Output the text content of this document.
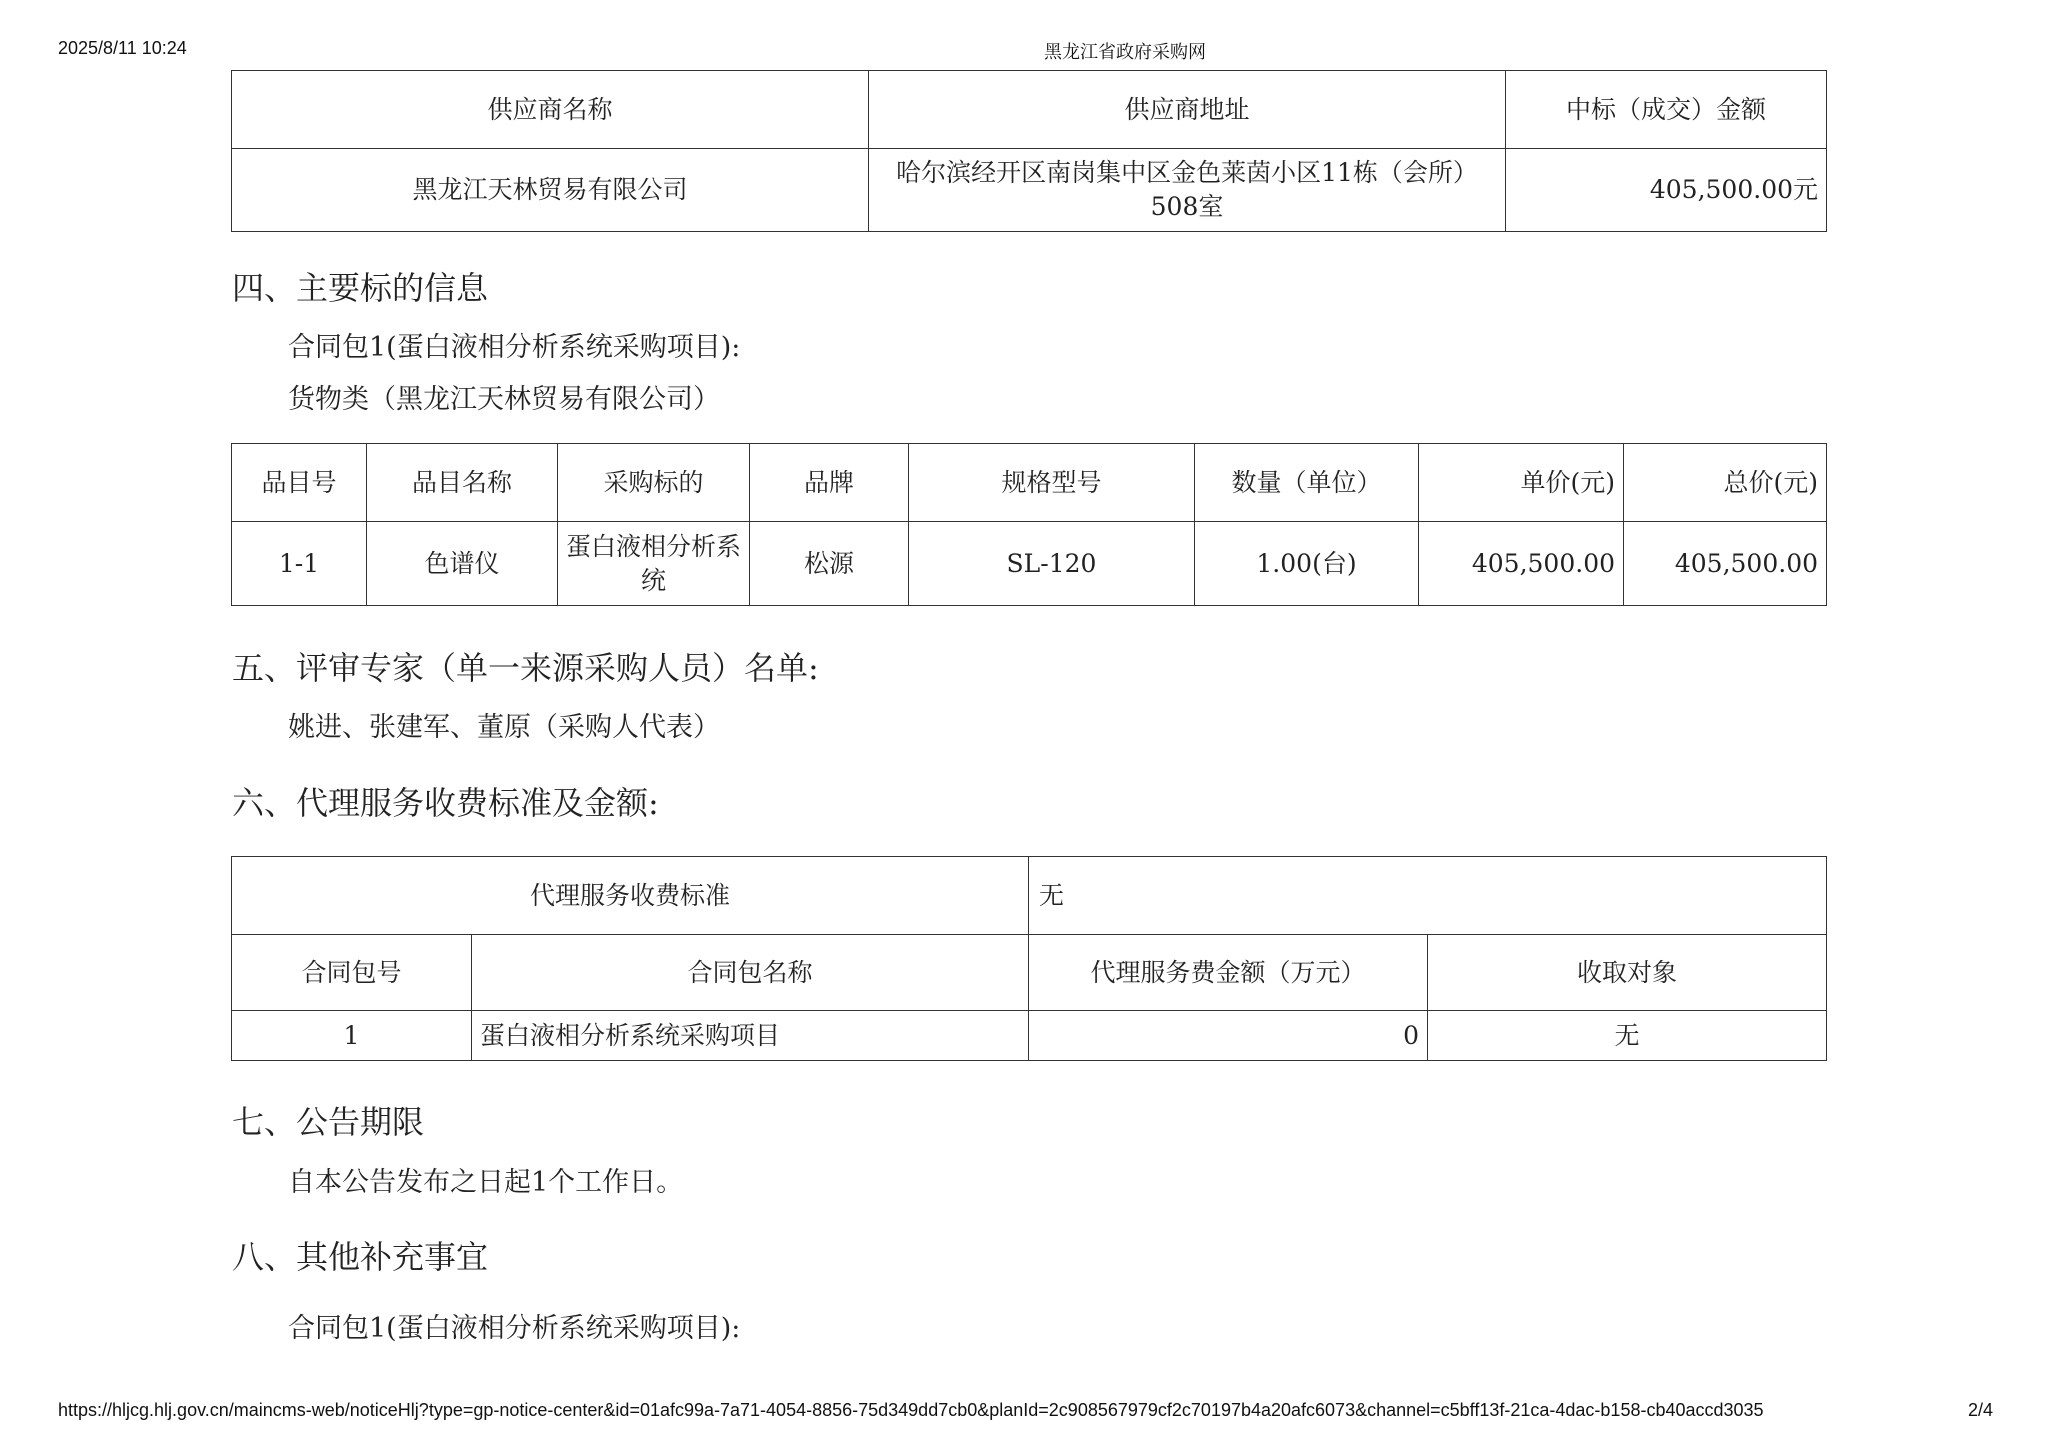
2025/8/11 10:24	黑龙江省政府采购网
供应商名称	供应商地址	中标（成交）金额
黑龙江天林贸易有限公司	哈尔滨经开区南岗集中区金色莱茵小区11栋（会所）508室	405,500.00元
四、主要标的信息
合同包1(蛋白液相分析系统采购项目):
货物类（黑龙江天林贸易有限公司）
品目号	品目名称	采购标的	品牌	规格型号	数量（单位）	单价(元)	总价(元)
1-1	色谱仪	蛋白液相分析系统	松源	SL-120	1.00(台)	405,500.00	405,500.00
五、评审专家（单一来源采购人员）名单:
姚进、张建军、董原（采购人代表）
六、代理服务收费标准及金额:
代理服务收费标准		无	
合同包号	合同包名称	代理服务费金额（万元）	收取对象
1	蛋白液相分析系统采购项目	0	无
七、公告期限
自本公告发布之日起1个工作日。
八、其他补充事宜
合同包1(蛋白液相分析系统采购项目):
https://hljcg.hlj.gov.cn/maincms-web/noticeHlj?type=gp-notice-center&id=01afc99a-7a71-4054-8856-75d349dd7cb0&planId=2c908567979cf2c70197b4a20afc6073&channel=c5bff13f-21ca-4dac-b158-cb40accd3035	2/4
